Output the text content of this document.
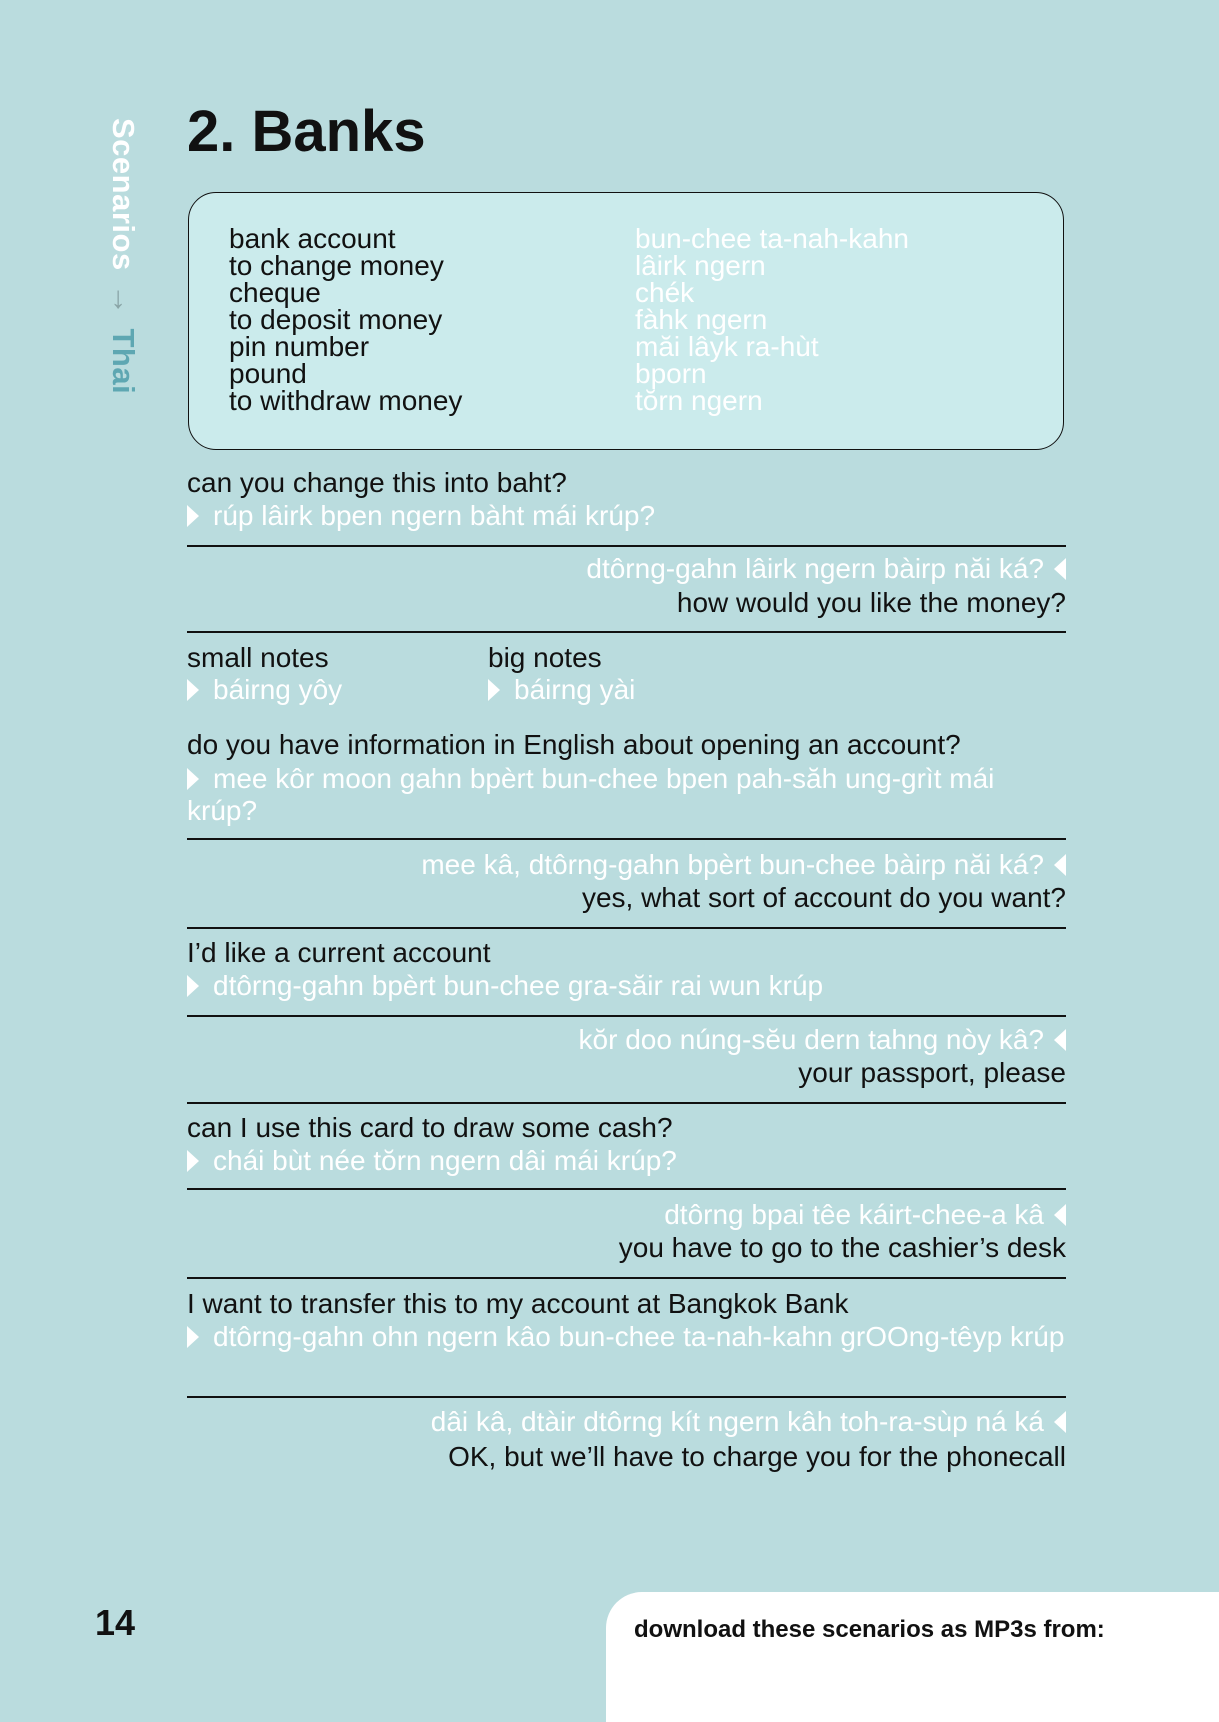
Scenarios → Thai
2. Banks
bank account	bun-chee ta-nah-kahn
to change money	lâirk ngern
cheque	chék
to deposit money	fàhk ngern
pin number	măi lâyk ra-hùt
pound	bporn
to withdraw money	tŏrn ngern
can you change this into baht?
rúp lâirk bpen ngern bàht mái krúp?
dtôrng-gahn lâirk ngern bàirp năi ká?
how would you like the money?
small notes
báirng yôy
big notes
báirng yài
do you have information in English about opening an account?
mee kôr moon gahn bpèrt bun-chee bpen pah-săh ung-grìt mái krúp?
mee kâ, dtôrng-gahn bpèrt bun-chee bàirp năi ká?
yes, what sort of account do you want?
I’d like a current account
dtôrng-gahn bpèrt bun-chee gra-săir rai wun krúp
kŏr doo núng-sĕu dern tahng nòy kâ?
your passport, please
can I use this card to draw some cash?
chái bùt née tŏrn ngern dâi mái krúp?
dtôrng bpai têe káirt-chee-a kâ
you have to go to the cashier’s desk
I want to transfer this to my account at Bangkok Bank
dtôrng-gahn ohn ngern kâo bun-chee ta-nah-kahn grOOng-têyp krúp
dâi kâ, dtàir dtôrng kít ngern kâh toh-ra-sùp ná ká
OK, but we’ll have to charge you for the phonecall
14	download these scenarios as MP3s from:
